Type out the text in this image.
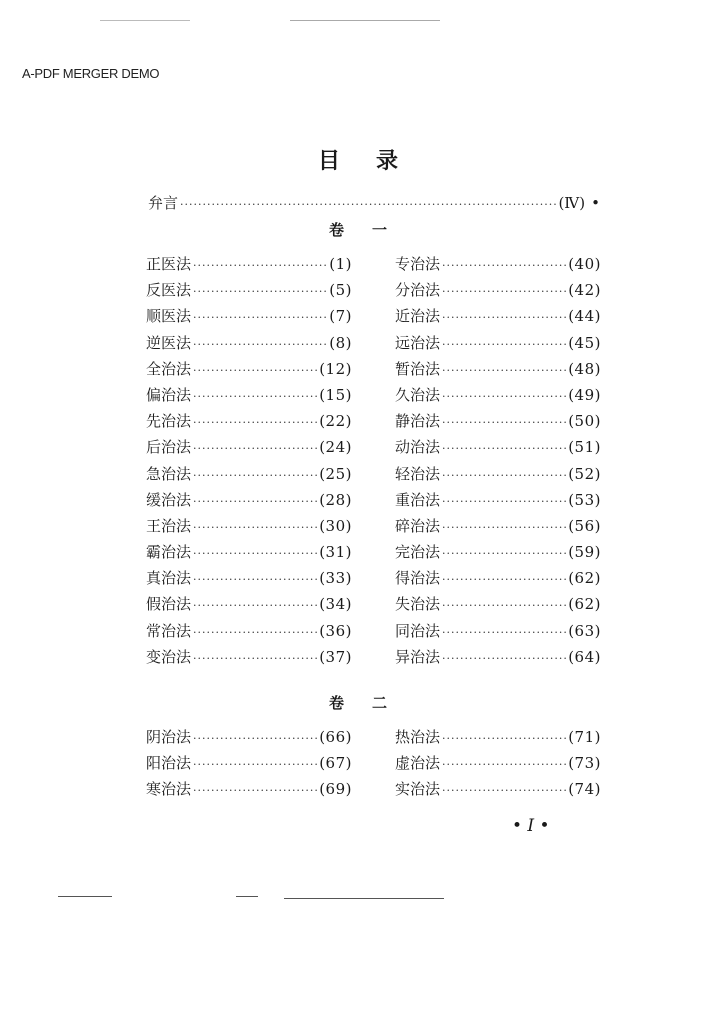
A-PDF MERGER DEMO
目录
弁言 ·····	(Ⅳ) •
卷一
正医法 ·····	(1)
反医法 ·····	(5)
顺医法 ·····	(7)
逆医法 ·····	(8)
全治法 ·····	(12)
偏治法 ·····	(15)
先治法 ·····	(22)
后治法 ·····	(24)
急治法 ·····	(25)
缓治法 ·····	(28)
王治法 ·····	(30)
霸治法 ·····	(31)
真治法 ·····	(33)
假治法 ·····	(34)
常治法 ·····	(36)
变治法 ·····	(37)
专治法 ·····	(40)
分治法 ·····	(42)
近治法 ·····	(44)
远治法 ·····	(45)
暂治法 ·····	(48)
久治法 ·····	(49)
静治法 ·····	(50)
动治法 ·····	(51)
轻治法 ·····	(52)
重治法 ·····	(53)
碎治法 ·····	(56)
完治法 ·····	(59)
得治法 ·····	(62)
失治法 ·····	(62)
同治法 ·····	(63)
异治法 ·····	(64)
卷二
阴治法 ·····	(66)
阳治法 ·····	(67)
寒治法 ·····	(69)
热治法 ·····	(71)
虚治法 ·····	(73)
实治法 ·····	(74)
• I •
